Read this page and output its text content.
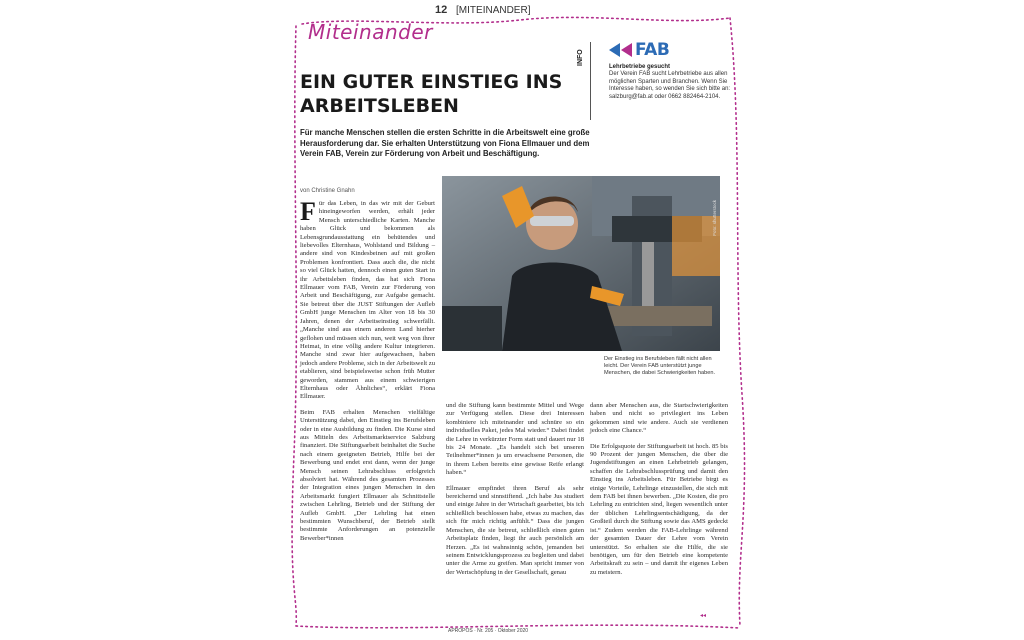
12 [MITEINANDER]
Miteinander
EIN GUTER EINSTIEG INS ARBEITSLEBEN

Für manche Menschen stellen die ersten Schritte in die Arbeitswelt eine große Herausforderung dar. Sie erhalten Unterstützung von Fiona Ellmauer und dem Verein FAB, Verein zur Förderung von Arbeit und Beschäftigung.

von Christine Gnahn
INFO	FAB
Lehrbetriebe gesucht

Der Verein FAB sucht Lehrbetriebe aus allen möglichen Sparten und Branchen. Wenn Sie Interesse haben, so wenden Sie sich bitte an: salzburg@fab.at oder 0662 882464-2104.

Für das Leben, in das wir mit der Geburt hineingeworfen werden, erhält jeder Mensch unterschiedliche Karten. Manche haben Glück und bekommen als Lebensgrundausstattung ein behütendes und liebevolles Elternhaus, Wohlstand und Bildung – andere sind von Kindesbeinen auf mit großen Problemen konfrontiert. Dass auch die, die nicht so viel Glück hatten, dennoch einen guten Start in ihr Arbeitsleben finden, das hat sich Fiona Ellmauer vom FAB, Verein zur Förderung von Arbeit und Beschäftigung, zur Aufgabe gemacht. Sie betreut über die JUST Stiftungen der Aufleb GmbH junge Menschen im Alter von 18 bis 30 Jahren, denen der Arbeitseinstieg schwerfällt. „Manche sind aus einem anderen Land hierher geflohen und müssen sich nun, weit weg von ihrer Heimat, in eine völlig andere Kultur integrieren. Manche sind zwar hier aufgewachsen, haben jedoch andere Probleme, sich in der Arbeitswelt zu etablieren, sind beispielsweise schon früh Mutter geworden, stammen aus einem schwierigen Elternhaus oder Ähnliches“, erklärt Fiona Ellmauer.

Beim FAB erhalten Menschen vielfältige Unterstützung dabei, den Einstieg ins Berufsleben oder in eine Ausbildung zu finden. Die Kurse sind aus Mitteln des Arbeitsmarktservice Salzburg finanziert. Die Stiftungsarbeit beinhaltet die Suche nach einem geeigneten Betrieb, Hilfe bei der Bewerbung und endet erst dann, wenn der junge Mensch seinen Lehrabschluss erfolgreich absolviert hat. Während des gesamten Prozesses der Integration eines jungen Menschen in den Arbeitsmarkt fungiert Ellmauer als Schnittstelle zwischen Lehrling, Betrieb und der Stiftung der Aufleb GmbH. „Der Lehrling hat einen bestimmten Wunschberuf, der Betrieb stellt bestimmte Anforderungen an potenzielle Bewerber*innen

Foto: shutterstock

Der Einstieg ins Berufsleben fällt nicht allen leicht. Der Verein FAB unterstützt junge Menschen, die dabei Schwierigkeiten haben.

und die Stiftung kann bestimmte Mittel und Wege zur Verfügung stellen. Diese drei Interessen kombiniere ich miteinander und schnüre so ein individuelles Paket, jedes Mal wieder.“ Dabei findet die Lehre in verkürzter Form statt und dauert nur 18 bis 24 Monate. „Es handelt sich bei unseren Teilnehmer*innen ja um erwachsene Personen, die in ihrem Leben bereits eine gewisse Reife erlangt haben.“

Ellmauer empfindet ihren Beruf als sehr bereichernd und sinnstiftend. „Ich habe Jus studiert und einige Jahre in der Wirtschaft gearbeitet, bis ich schließlich beschlossen habe, etwas zu machen, das sich für mich richtig anfühlt.“ Dass die jungen Menschen, die sie betreut, schließlich einen guten Arbeitsplatz finden, liegt ihr auch persönlich am Herzen. „Es ist wahnsinnig schön, jemanden bei seinem Entwicklungsprozess zu begleiten und dabei unter die Arme zu greifen. Man spricht immer von der Wertschöpfung in der Gesellschaft, genau

dann aber Menschen aus, die Startschwierigkeiten haben und nicht so privilegiert ins Leben gekommen sind wie andere. Auch sie verdienen jedoch eine Chance.“

Die Erfolgsquote der Stiftungsarbeit ist hoch. 85 bis 90 Prozent der jungen Menschen, die über die Jugendstiftungen an einen Lehrbetrieb gelangen, schaffen die Lehrabschlussprüfung und damit den Einstieg ins Arbeitsleben. Für Betriebe birgt es einige Vorteile, Lehrlinge einzustellen, die sich mit dem FAB bei ihnen bewerben. „Die Kosten, die pro Lehrling zu entrichten sind, liegen wesentlich unter der üblichen Lehrlingsentschädigung, da der Großteil durch die Stiftung sowie das AMS gedeckt ist.“ Zudem werden die FAB-Lehrlinge während der gesamten Dauer der Lehre vom Verein unterstützt. So erhalten sie die Hilfe, die sie benötigen, um für den Betrieb eine kompetente Arbeitskraft zu sein – und damit ihr eigenes Leben zu meistern.

◂◂
APROPOS · Nr. 205 · Oktober 2020
